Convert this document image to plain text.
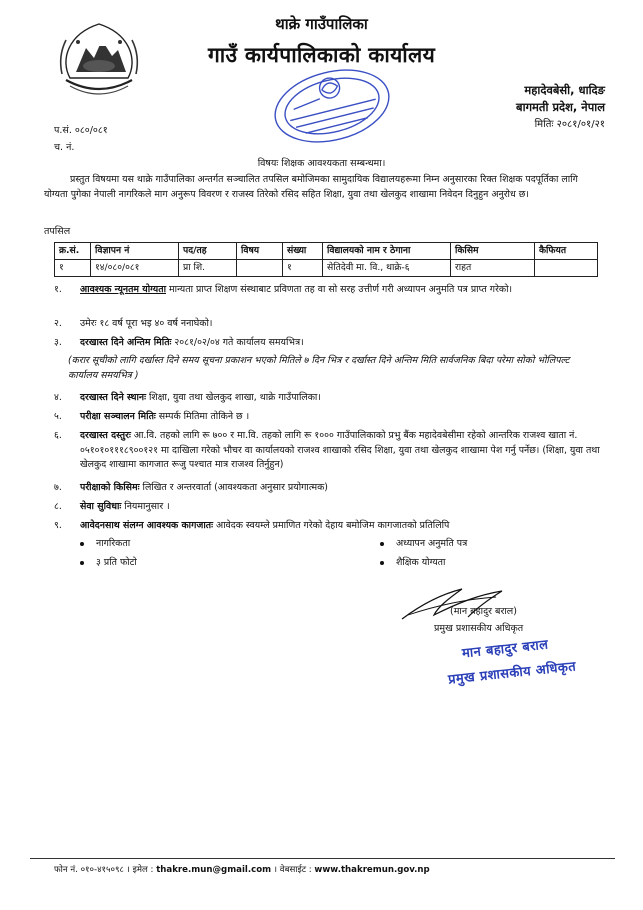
थाक्रे गाउँपालिका
गाउँ कार्यपालिकाको कार्यालय
महादेवबेसी, धादिङ
बागमती प्रदेश, नेपाल
मितिः २०८१/०१/२१
प.सं. ०८०/०८१
च. नं.
विषयः शिक्षक आवश्यकता सम्बन्धमा।
प्रस्तुत विषयमा यस थाक्रे गाउँपालिका अन्तर्गत सञ्चालित तपसिल बमोजिमका सामुदायिक विद्यालयहरूमा निम्न अनुसारका रिक्त शिक्षक पदपूर्तिका लागि योग्यता पुगेका नेपाली नागरिकले माग अनुरूप विवरण र राजस्व तिरेको रसिद सहित शिक्षा, युवा तथा खेलकुद शाखामा निवेदन दिनुहुन अनुरोध छ।
तपसिल
क्र.सं.	विज्ञापन नं	पद/तह	विषय	संख्या	विद्यालयको नाम र ठेगाना	किसिम	कैफियत
१	१४/०८०/०८१	प्रा शि.		१	सेतिदेवी मा. वि., थाक्रे-६	राहत	
१.	आवश्यक न्यूनतम योग्यता मान्यता प्राप्त शिक्षण संस्थाबाट प्रविणता तह वा सो सरह उत्तीर्ण गरी अध्यापन अनुमति पत्र प्राप्त गरेको।
२.	उमेरः १८ वर्ष पूरा भइ ४० वर्ष ननाघेको।
३.	दरखास्त दिने अन्तिम मितिः २०८१/०२/०४ गते कार्यालय समयभित्र।
(करार सूचीको लागि दर्खास्त दिने समय सूचना प्रकाशन भएको मितिले ७ दिन भित्र र दर्खास्त दिने अन्तिम मिति सार्वजनिक बिदा परेमा सोको भोलिपल्ट कार्यालय समयभित्र )
४.	दरखास्त दिने स्थानः शिक्षा, युवा तथा खेलकुद शाखा, थाक्रे गाउँपालिका।
५.	परीक्षा सञ्चालन मितिः सम्पर्क मितिमा तोकिने छ ।
६.	दरखास्त दस्तुरः आ.वि. तहको लागि रू ७०० र मा.वि. तहको लागि रू १००० गाउँपालिकाको प्रभु बैंक महादेवबेसीमा रहेको आन्तरिक राजश्व खाता नं. ०५१०१०१११८९००१२१ मा दाखिला गरेको भौचर वा कार्यालयको राजश्व शाखाको रसिद शिक्षा, युवा तथा खेलकुद शाखामा पेश गर्नु पर्नेछ। (शिक्षा, युवा तथा खेलकुद शाखामा कागजात रूजु पश्चात मात्र राजश्व तिर्नुहुन)
७.	परीक्षाको किसिमः लिखित र अन्तरवार्ता (आवश्यकता अनुसार प्रयोगात्मक)
८.	सेवा सुविधाः नियमानुसार ।
९.	आवेदनसाथ संलग्न आवश्यक कागजातः आवेदक स्वयम्ले प्रमाणित गरेको देहाय बमोजिम कागजातको प्रतिलिपि
नागरिकता
३ प्रति फोटो
अध्यापन अनुमति पत्र
शैक्षिक योग्यता
(मान बहादुर बराल)
प्रमुख प्रशासकीय अधिकृत
मान बहादुर बराल
प्रमुख प्रशासकीय अधिकृत
फोन नं. ०१०-४१५०९८ । इमेल : thakre.mun@gmail.com । वेबसाईट : www.thakremun.gov.np
